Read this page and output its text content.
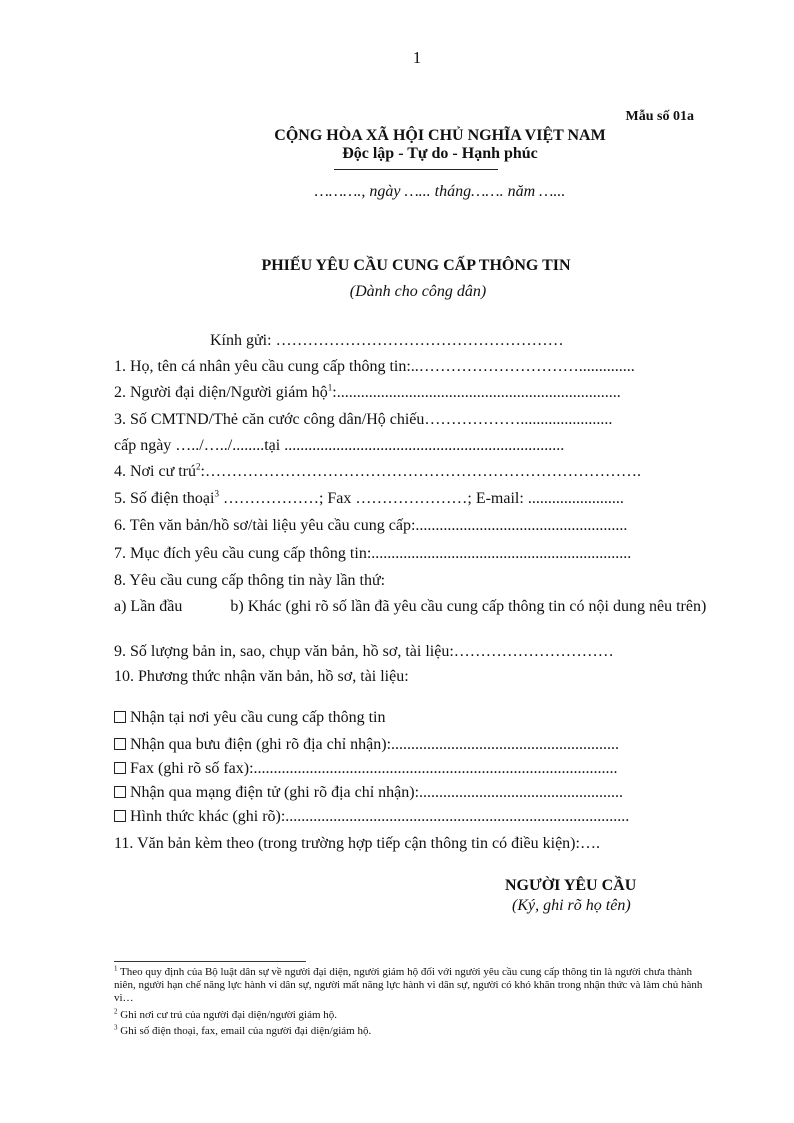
1
Mẫu số 01a
CỘNG HÒA XÃ HỘI CHỦ NGHĨA VIỆT NAM
Độc lập - Tự do - Hạnh phúc
………., ngày …... tháng……. năm …...
PHIẾU YÊU CẦU CUNG CẤP THÔNG TIN
(Dành cho công dân)
Kính gửi: ………………………………………………
1. Họ, tên cá nhân yêu cầu cung cấp thông tin:..…………………………..............
2. Người đại diện/Người giám hộ$^1$:.......................................................................
3. Số CMTND/Thẻ căn cước công dân/Hộ chiếu……………….......................
cấp ngày …../…../........tại ......................................................................
4. Nơi cư trú$^2$:……………………………………………………………………….
5. Số điện thoại$^3$ ………………; Fax …………………; E-mail: ........................
6. Tên văn bản/hồ sơ/tài liệu yêu cầu cung cấp:.....................................................
7. Mục đích yêu cầu cung cấp thông tin:.................................................................
8. Yêu cầu cung cấp thông tin này lần thứ:
a) Lần đầu	b) Khác (ghi rõ số lần đã yêu cầu cung cấp thông tin có nội dung nêu trên)
9. Số lượng bản in, sao, chụp văn bản, hồ sơ, tài liệu:…………………………
10. Phương thức nhận văn bản, hồ sơ, tài liệu:
Nhận tại nơi yêu cầu cung cấp thông tin
Nhận qua bưu điện (ghi rõ địa chỉ nhận):.........................................................
Fax (ghi rõ số fax):...........................................................................................
Nhận qua mạng điện tử (ghi rõ địa chỉ nhận):...................................................
Hình thức khác (ghi rõ):......................................................................................
11. Văn bản kèm theo (trong trường hợp tiếp cận thông tin có điều kiện):….
NGƯỜI YÊU CẦU
(Ký, ghi rõ họ tên)
$^1$ Theo quy định của Bộ luật dân sự về người đại diện, người giám hộ đối với người yêu cầu cung cấp thông tin là người chưa thành niên, người hạn chế năng lực hành vi dân sự, người mất năng lực hành vi dân sự, người có khó khăn trong nhận thức và làm chủ hành vi…
$^2$ Ghi nơi cư trú của người đại diện/người giám hộ.
$^3$ Ghi số điện thoại, fax, email của người đại diện/giám hộ.
